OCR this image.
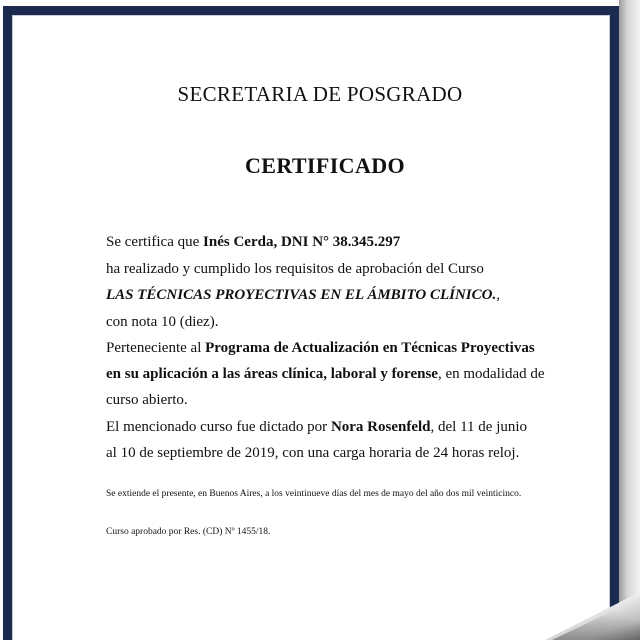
SECRETARIA DE POSGRADO

CERTIFICADO

Se certifica que Inés Cerda, DNI N° 38.345.297

ha realizado y cumplido los requisitos de aprobación del Curso

LAS TÉCNICAS PROYECTIVAS EN EL ÁMBITO CLÍNICO.,

con nota 10 (diez).

Perteneciente al Programa de Actualización en Técnicas Proyectivas

en su aplicación a las áreas clínica, laboral y forense, en modalidad de

curso abierto.

El mencionado curso fue dictado por Nora Rosenfeld, del 11 de junio

al 10 de septiembre de 2019, con una carga horaria de 24 horas reloj.

Se extiende el presente, en Buenos Aires, a los veintinueve días del mes de mayo del año dos mil veinticinco.

Curso aprobado por Res. (CD) Nº 1455/18.
